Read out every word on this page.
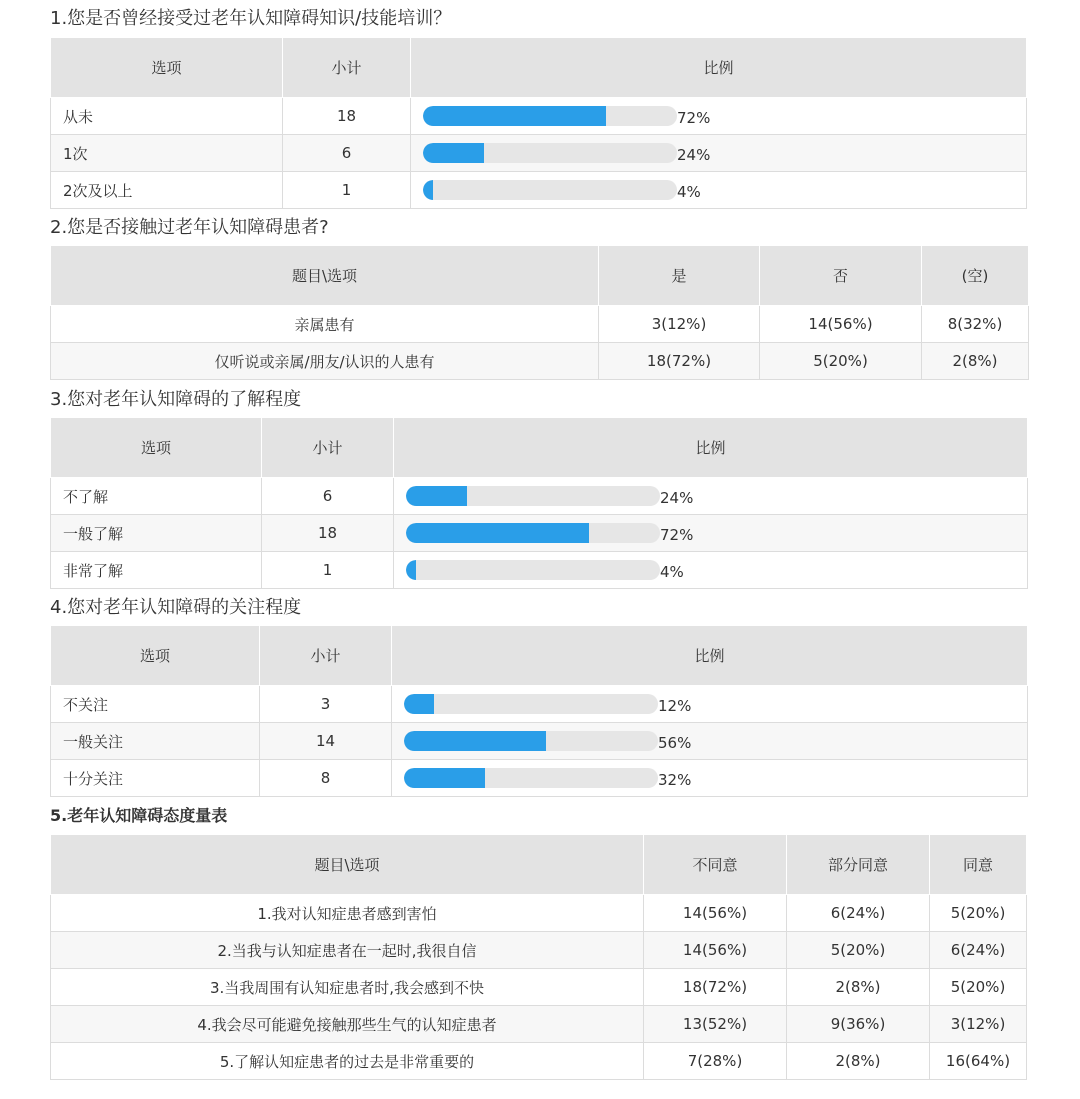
1.您是否曾经接受过老年认知障碍知识/技能培训？
选项	小计	比例
从未	18	72%

1次	6	24%

2次及以上	1	4%
2.您是否接触过老年认知障碍患者?
题目\选项	是	否	(空)
亲属患有	3(12%)	14(56%)	8(32%)
仅听说或亲属/朋友/认识的人患有	18(72%)	5(20%)	2(8%)
3.您对老年认知障碍的了解程度
选项	小计	比例
不了解	6	24%

一般了解	18	72%

非常了解	1	4%
4.您对老年认知障碍的关注程度
选项	小计	比例
不关注	3	12%

一般关注	14	56%

十分关注	8	32%
5.老年认知障碍态度量表
题目\选项	不同意	部分同意	同意
1.我对认知症患者感到害怕	14(56%)	6(24%)	5(20%)
2.当我与认知症患者在一起时,我很自信	14(56%)	5(20%)	6(24%)
3.当我周围有认知症患者时,我会感到不快	18(72%)	2(8%)	5(20%)
4.我会尽可能避免接触那些生气的认知症患者	13(52%)	9(36%)	3(12%)
5.了解认知症患者的过去是非常重要的	7(28%)	2(8%)	16(64%)
